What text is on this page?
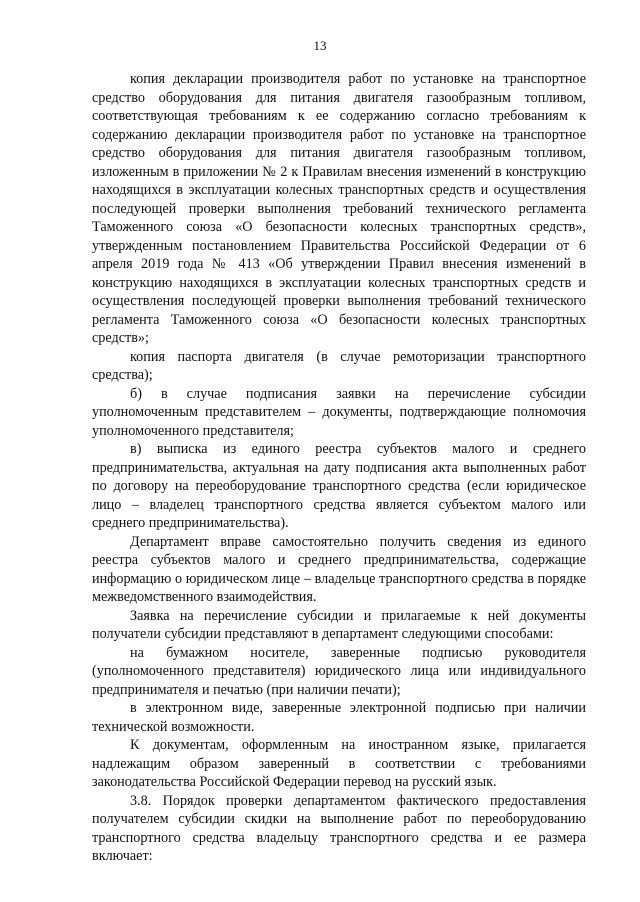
13

копия декларации производителя работ по установке на транспортное средство оборудования для питания двигателя газообразным топливом, соответствующая требованиям к ее содержанию согласно требованиям к содержанию декларации производителя работ по установке на транспортное средство оборудования для питания двигателя газообразным топливом, изложенным в приложении № 2 к Правилам внесения изменений в конструкцию находящихся в эксплуатации колесных транспортных средств и осуществления последующей проверки выполнения требований технического регламента Таможенного союза «О безопасности колесных транспортных средств», утвержденным постановлением Правительства Российской Федерации от 6 апреля 2019 года № 413 «Об утверждении Правил внесения изменений в конструкцию находящихся в эксплуатации колесных транспортных средств и осуществления последующей проверки выполнения требований технического регламента Таможенного союза «О безопасности колесных транспортных средств»;

копия паспорта двигателя (в случае ремоторизации транспортного средства);

б) в случае подписания заявки на перечисление субсидии уполномоченным представителем – документы, подтверждающие полномочия уполномоченного представителя;

в) выписка из единого реестра субъектов малого и среднего предпринимательства, актуальная на дату подписания акта выполненных работ по договору на переоборудование транспортного средства (если юридическое лицо – владелец транспортного средства является субъектом малого или среднего предпринимательства).

Департамент вправе самостоятельно получить сведения из единого реестра субъектов малого и среднего предпринимательства, содержащие информацию о юридическом лице – владельце транспортного средства в порядке межведомственного взаимодействия.

Заявка на перечисление субсидии и прилагаемые к ней документы получатели субсидии представляют в департамент следующими способами:

на бумажном носителе, заверенные подписью руководителя (уполномоченного представителя) юридического лица или индивидуального предпринимателя и печатью (при наличии печати);

в электронном виде, заверенные электронной подписью при наличии технической возможности.

К документам, оформленным на иностранном языке, прилагается надлежащим образом заверенный в соответствии с требованиями законодательства Российской Федерации перевод на русский язык.

3.8. Порядок проверки департаментом фактического предоставления получателем субсидии скидки на выполнение работ по переоборудованию транспортного средства владельцу транспортного средства и ее размера включает:
